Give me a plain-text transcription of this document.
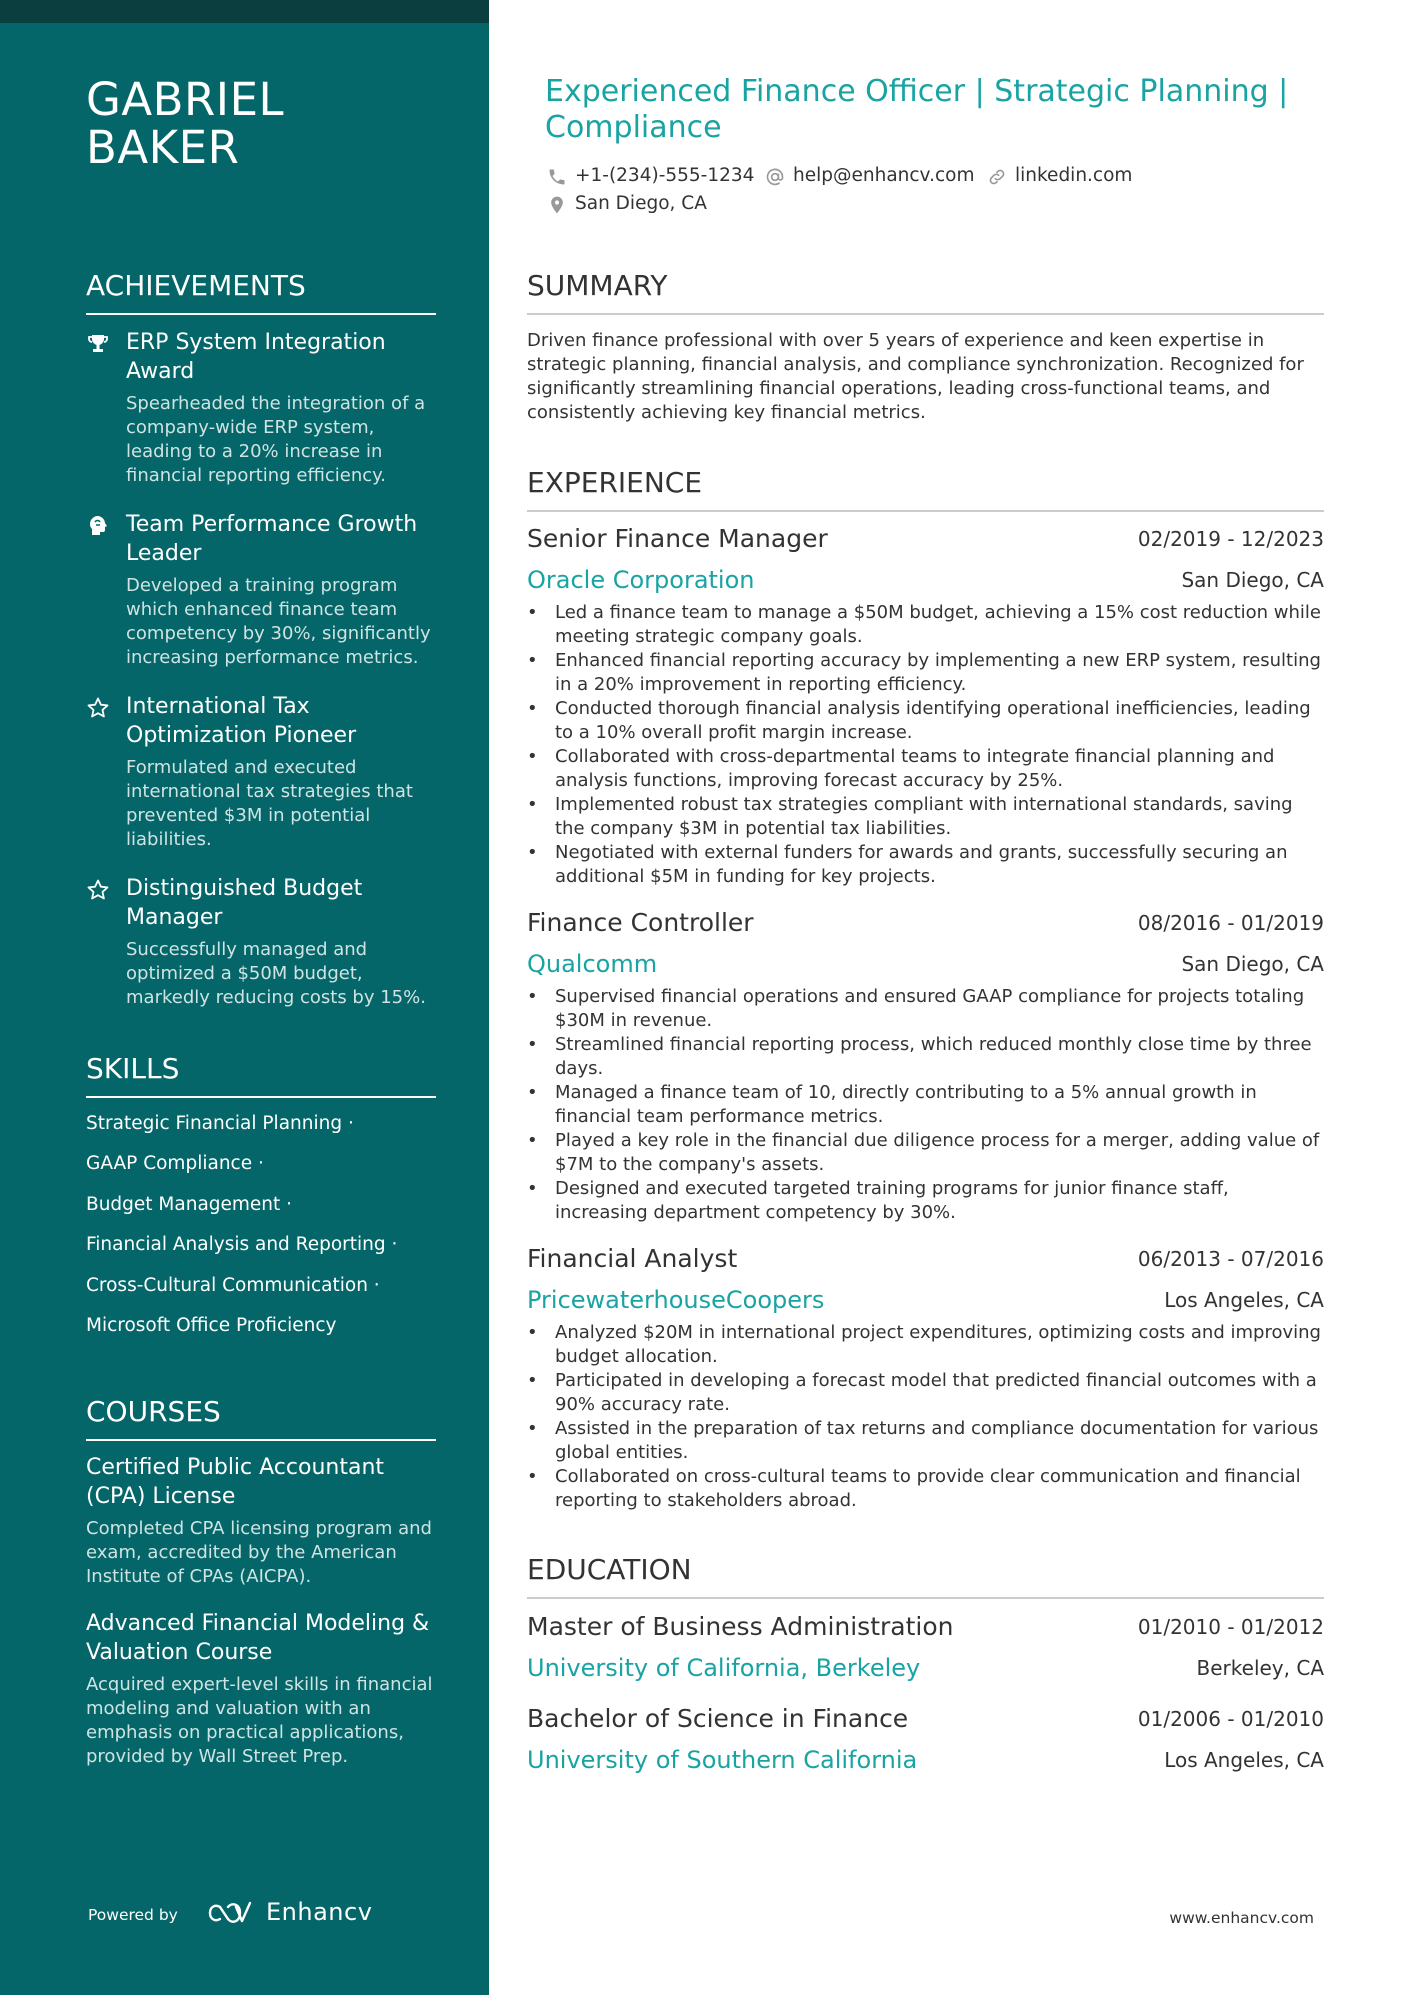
GABRIEL
BAKER
ACHIEVEMENTS
ERP System Integration Award
Spearheaded the integration of a company-wide ERP system, leading to a 20% increase in financial reporting efficiency.
Team Performance Growth Leader
Developed a training program which enhanced finance team competency by 30%, significantly increasing performance metrics.
International Tax Optimization Pioneer
Formulated and executed international tax strategies that prevented $3M in potential liabilities.
Distinguished Budget Manager
Successfully managed and optimized a $50M budget, markedly reducing costs by 15%.
SKILLS
Strategic Financial Planning ·
GAAP Compliance ·
Budget Management ·
Financial Analysis and Reporting ·
Cross-Cultural Communication ·
Microsoft Office Proficiency
COURSES
Certified Public Accountant (CPA) License
Completed CPA licensing program and exam, accredited by the American Institute of CPAs (AICPA).
Advanced Financial Modeling & Valuation Course
Acquired expert-level skills in financial modeling and valuation with an emphasis on practical applications, provided by Wall Street Prep.
Powered by	Enhancv
Experienced Finance Officer | Strategic Planning | Compliance
+1-(234)-555-1234 help@enhancv.com linkedin.com
San Diego, CA
SUMMARY
Driven finance professional with over 5 years of experience and keen expertise in strategic planning, financial analysis, and compliance synchronization. Recognized for significantly streamlining financial operations, leading cross-functional teams, and consistently achieving key financial metrics.
EXPERIENCE
Senior Finance Manager	02/2019 - 12/2023
Oracle Corporation	San Diego, CA
• Led a finance team to manage a $50M budget, achieving a 15% cost reduction while meeting strategic company goals.
• Enhanced financial reporting accuracy by implementing a new ERP system, resulting in a 20% improvement in reporting efficiency.
• Conducted thorough financial analysis identifying operational inefficiencies, leading to a 10% overall profit margin increase.
• Collaborated with cross-departmental teams to integrate financial planning and analysis functions, improving forecast accuracy by 25%.
• Implemented robust tax strategies compliant with international standards, saving the company $3M in potential tax liabilities.
• Negotiated with external funders for awards and grants, successfully securing an additional $5M in funding for key projects.
Finance Controller	08/2016 - 01/2019
Qualcomm	San Diego, CA
• Supervised financial operations and ensured GAAP compliance for projects totaling $30M in revenue.
• Streamlined financial reporting process, which reduced monthly close time by three days.
• Managed a finance team of 10, directly contributing to a 5% annual growth in financial team performance metrics.
• Played a key role in the financial due diligence process for a merger, adding value of $7M to the company's assets.
• Designed and executed targeted training programs for junior finance staff, increasing department competency by 30%.
Financial Analyst	06/2013 - 07/2016
PricewaterhouseCoopers	Los Angeles, CA
• Analyzed $20M in international project expenditures, optimizing costs and improving budget allocation.
• Participated in developing a forecast model that predicted financial outcomes with a 90% accuracy rate.
• Assisted in the preparation of tax returns and compliance documentation for various global entities.
• Collaborated on cross-cultural teams to provide clear communication and financial reporting to stakeholders abroad.
EDUCATION
Master of Business Administration	01/2010 - 01/2012
University of California, Berkeley	Berkeley, CA
Bachelor of Science in Finance	01/2006 - 01/2010
University of Southern California	Los Angeles, CA
www.enhancv.com
